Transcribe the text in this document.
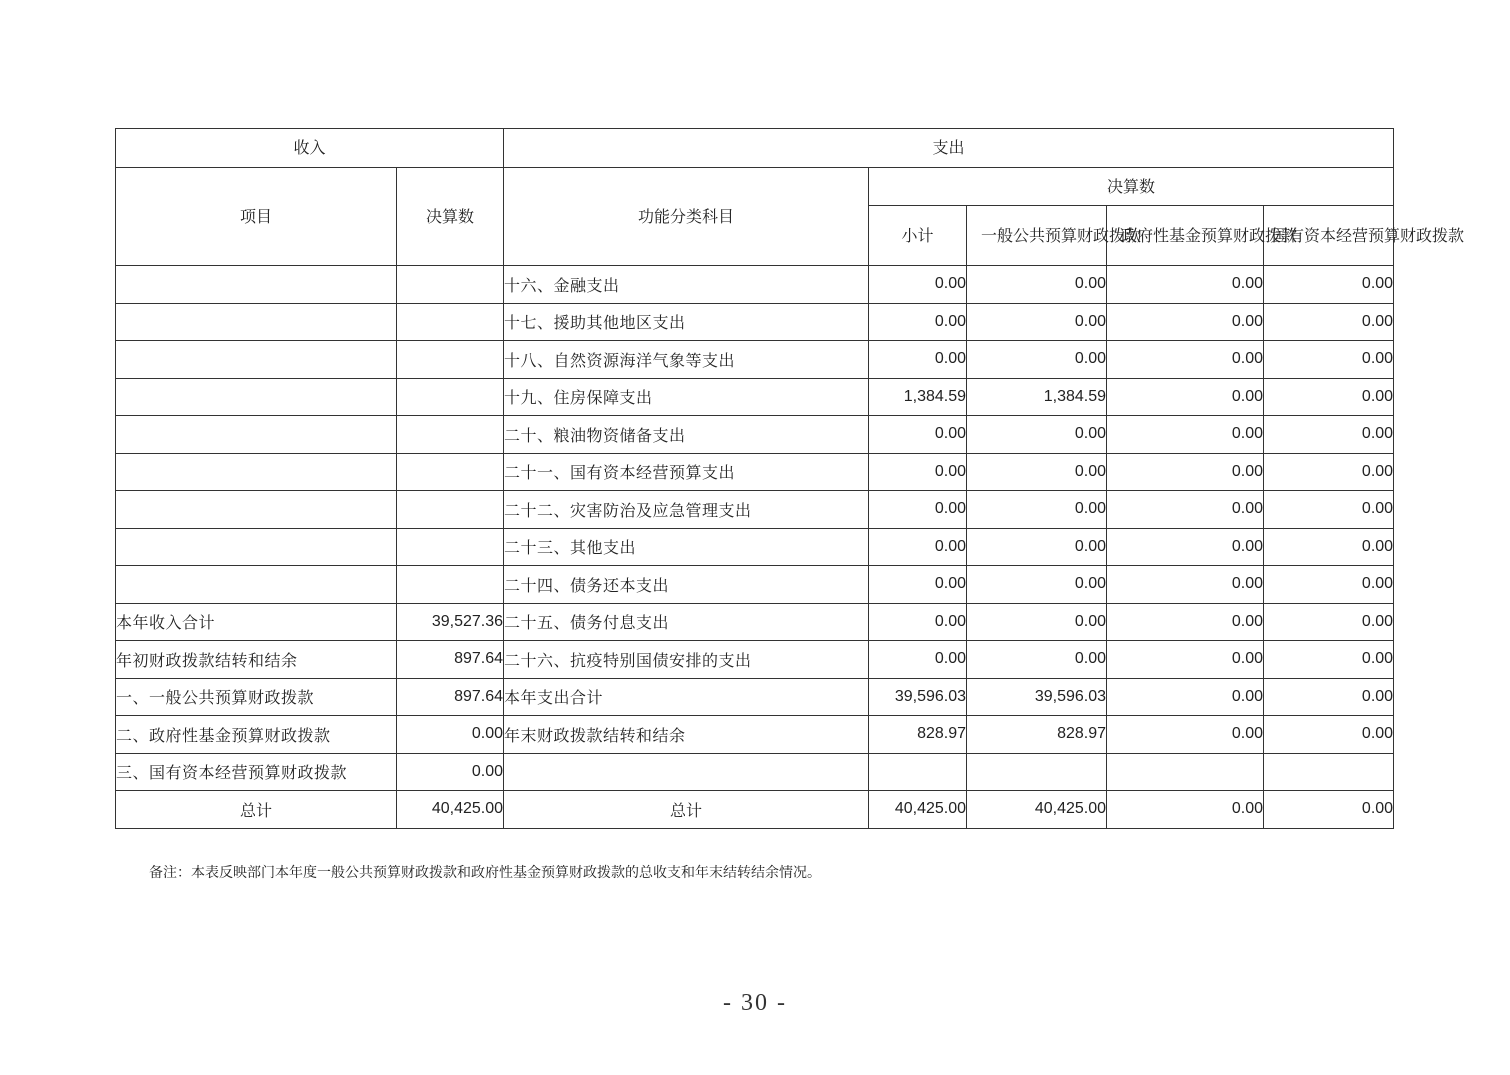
收入		支出				
项目	决算数	功能分类科目	决算数			
			小计	一般公共预算财政拨款	政府性基金预算财政拨款	国有资本经营预算财政拨款
		十六、金融支出	0.00	0.00	0.00	0.00
		十七、援助其他地区支出	0.00	0.00	0.00	0.00
		十八、自然资源海洋气象等支出	0.00	0.00	0.00	0.00
		十九、住房保障支出	1,384.59	1,384.59	0.00	0.00
		二十、粮油物资储备支出	0.00	0.00	0.00	0.00
		二十一、国有资本经营预算支出	0.00	0.00	0.00	0.00
		二十二、灾害防治及应急管理支出	0.00	0.00	0.00	0.00
		二十三、其他支出	0.00	0.00	0.00	0.00
		二十四、债务还本支出	0.00	0.00	0.00	0.00
本年收入合计	39,527.36	二十五、债务付息支出	0.00	0.00	0.00	0.00
年初财政拨款结转和结余	897.64	二十六、抗疫特别国债安排的支出	0.00	0.00	0.00	0.00
一、一般公共预算财政拨款	897.64	本年支出合计	39,596.03	39,596.03	0.00	0.00
二、政府性基金预算财政拨款	0.00	年末财政拨款结转和结余	828.97	828.97	0.00	0.00
三、国有资本经营预算财政拨款	0.00					
总计	40,425.00	总计	40,425.00	40,425.00	0.00	0.00
备注：本表反映部门本年度一般公共预算财政拨款和政府性基金预算财政拨款的总收支和年末结转结余情况。
- 30 -
